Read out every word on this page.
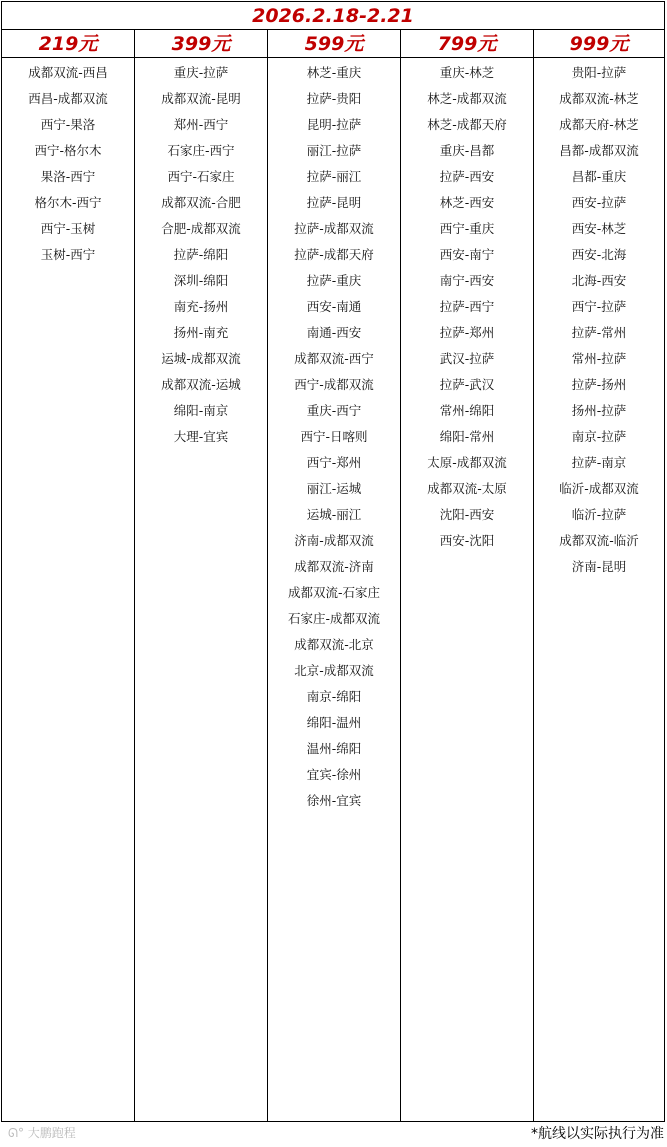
2026.2.18-2.21
219元
成都双流-西昌
西昌-成都双流
西宁-果洛
西宁-格尔木
果洛-西宁
格尔木-西宁
西宁-玉树
玉树-西宁
399元
重庆-拉萨
成都双流-昆明
郑州-西宁
石家庄-西宁
西宁-石家庄
成都双流-合肥
合肥-成都双流
拉萨-绵阳
深圳-绵阳
南充-扬州
扬州-南充
运城-成都双流
成都双流-运城
绵阳-南京
大理-宜宾
599元
林芝-重庆
拉萨-贵阳
昆明-拉萨
丽江-拉萨
拉萨-丽江
拉萨-昆明
拉萨-成都双流
拉萨-成都天府
拉萨-重庆
西安-南通
南通-西安
成都双流-西宁
西宁-成都双流
重庆-西宁
西宁-日喀则
西宁-郑州
丽江-运城
运城-丽江
济南-成都双流
成都双流-济南
成都双流-石家庄
石家庄-成都双流
成都双流-北京
北京-成都双流
南京-绵阳
绵阳-温州
温州-绵阳
宜宾-徐州
徐州-宜宾
799元
重庆-林芝
林芝-成都双流
林芝-成都天府
重庆-昌都
拉萨-西安
林芝-西安
西宁-重庆
西安-南宁
南宁-西安
拉萨-西宁
拉萨-郑州
武汉-拉萨
拉萨-武汉
常州-绵阳
绵阳-常州
太原-成都双流
成都双流-太原
沈阳-西安
西安-沈阳
999元
贵阳-拉萨
成都双流-林芝
成都天府-林芝
昌都-成都双流
昌都-重庆
西安-拉萨
西安-林芝
西安-北海
北海-西安
西宁-拉萨
拉萨-常州
常州-拉萨
拉萨-扬州
扬州-拉萨
南京-拉萨
拉萨-南京
临沂-成都双流
临沂-拉萨
成都双流-临沂
济南-昆明
ᘏ° 大鹏跑程	*航线以实际执行为准
